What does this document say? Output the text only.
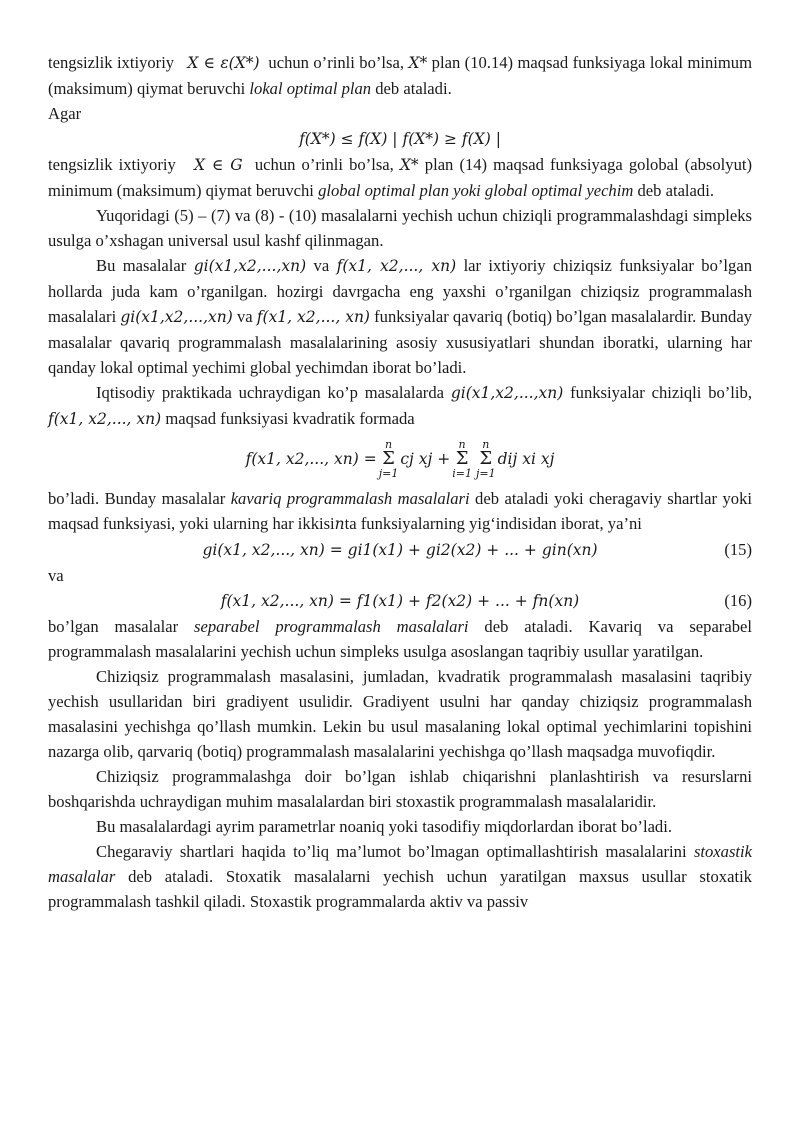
tengsizlik ixtiyoriy X ∈ ε(X*) uchun o’rinli bo’lsa, X* plan (10.14) maqsad funksiyaga lokal minimum (maksimum) qiymat beruvchi lokal optimal plan deb ataladi.

Agar

f(X*) ≤ f(X) | f(X*) ≥ f(X) |

tengsizlik ixtiyoriy X ∈ G uchun o’rinli bo’lsa, X* plan (14) maqsad funksiyaga golobal (absolyut) minimum (maksimum) qiymat beruvchi global optimal plan yoki global optimal yechim deb ataladi.

Yuqoridagi (5) – (7) va (8) - (10) masalalarni yechish uchun chiziqli programmalashdagi simpleks usulga o’xshagan universal usul kashf qilinmagan.

Bu masalalar gi(x1,x2,...,xn) va f(x1, x2,..., xn) lar ixtiyoriy chiziqsiz funksiyalar bo’lgan hollarda juda kam o’rganilgan. hozirgi davrgacha eng yaxshi o’rganilgan chiziqsiz programmalash masalalari gi(x1,x2,...,xn) va f(x1, x2,..., xn) funksiyalar qavariq (botiq) bo’lgan masalalardir. Bunday masalalar qavariq programmalash masalalarining asosiy xususiyatlari shundan iboratki, ularning har qanday lokal optimal yechimi global yechimdan iborat bo’ladi.

Iqtisodiy praktikada uchraydigan ko’p masalalarda gi(x1,x2,...,xn) funksiyalar chiziqli bo’lib, f(x1, x2,..., xn) maqsad funksiyasi kvadratik formada

f(x1, x2,..., xn) =
n
Σ
j=1
cj xj +
n
Σ
i=1
n
Σ
j=1
dij xi xj

bo’ladi. Bunday masalalar kavariq programmalash masalalari deb ataladi yoki cheragaviy shartlar yoki maqsad funksiyasi, yoki ularning har ikkisinta funksiyalarning yig‘indisidan iborat, ya’ni

gi(x1, x2,..., xn) = gi1(x1) + gi2(x2) + ... + gin(xn)	(15)

va

f(x1, x2,..., xn) = f1(x1) + f2(x2) + ... + fn(xn)	(16)

bo’lgan masalalar separabel programmalash masalalari deb ataladi. Kavariq va separabel programmalash masalalarini yechish uchun simpleks usulga asoslangan taqribiy usullar yaratilgan.

Chiziqsiz programmalash masalasini, jumladan, kvadratik programmalash masalasini taqribiy yechish usullaridan biri gradiyent usulidir. Gradiyent usulni har qanday chiziqsiz programmalash masalasini yechishga qo’llash mumkin. Lekin bu usul masalaning lokal optimal yechimlarini topishini nazarga olib, qarvariq (botiq) programmalash masalalarini yechishga qo’llash maqsadga muvofiqdir.

Chiziqsiz programmalashga doir bo’lgan ishlab chiqarishni planlashtirish va resurslarni boshqarishda uchraydigan muhim masalalardan biri stoxastik programmalash masalalaridir.

Bu masalalardagi ayrim parametrlar noaniq yoki tasodifiy miqdorlardan iborat bo’ladi.

Chegaraviy shartlari haqida to’liq ma’lumot bo’lmagan optimallashtirish masalalarini stoxastik masalalar deb ataladi. Stoxatik masalalarni yechish uchun yaratilgan maxsus usullar stoxatik programmalash tashkil qiladi. Stoxastik programmalarda aktiv va passiv
